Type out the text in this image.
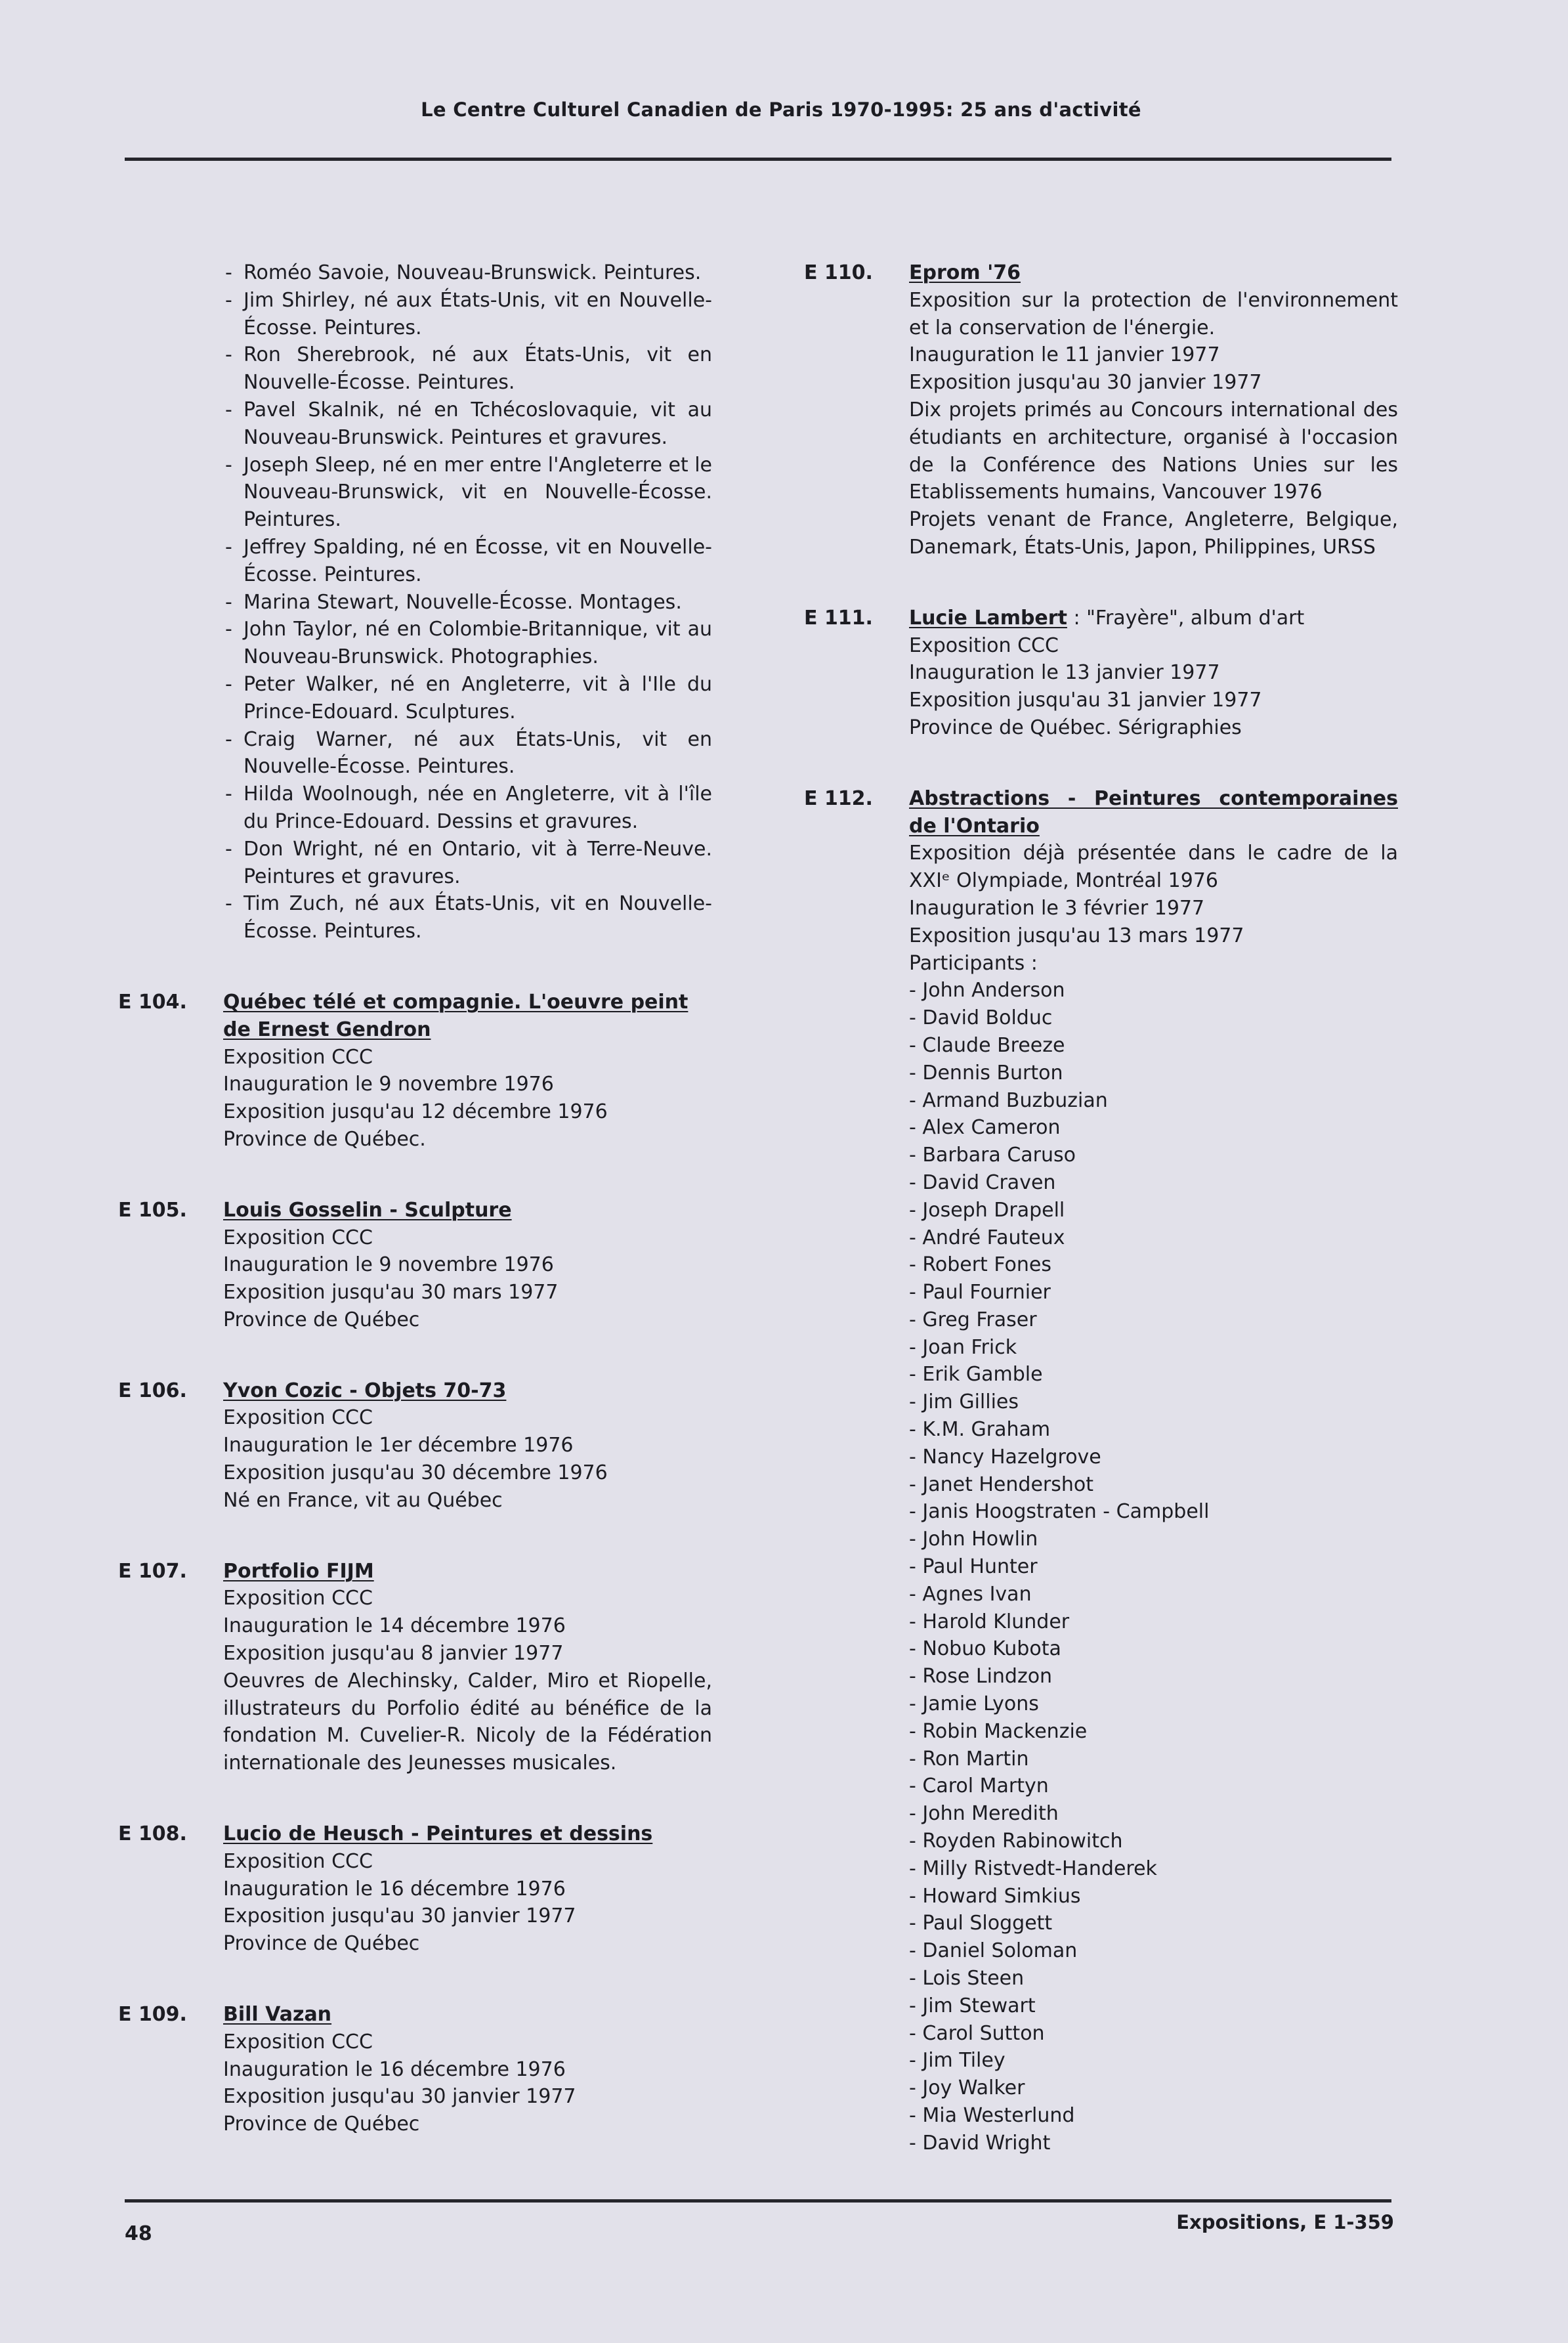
Le Centre Culturel Canadien de Paris 1970-1995: 25 ans d'activité
- Roméo Savoie, Nouveau-Brunswick. Peintures.
- Jim Shirley, né aux États-Unis, vit en Nouvelle-Écosse. Peintures.
- Ron Sherebrook, né aux États-Unis, vit en Nouvelle-Écosse. Peintures.
- Pavel Skalnik, né en Tchécoslovaquie, vit au Nouveau-Brunswick. Peintures et gravures.
- Joseph Sleep, né en mer entre l'Angleterre et le Nouveau-Brunswick, vit en Nouvelle-Écosse. Peintures.
- Jeffrey Spalding, né en Écosse, vit en Nouvelle-Écosse. Peintures.
- Marina Stewart, Nouvelle-Écosse. Montages.
- John Taylor, né en Colombie-Britannique, vit au Nouveau-Brunswick. Photographies.
- Peter Walker, né en Angleterre, vit à l'Ile du Prince-Edouard. Sculptures.
- Craig Warner, né aux États-Unis, vit en Nouvelle-Écosse. Peintures.
- Hilda Woolnough, née en Angleterre, vit à l'île du Prince-Edouard. Dessins et gravures.
- Don Wright, né en Ontario, vit à Terre-Neuve. Peintures et gravures.
- Tim Zuch, né aux États-Unis, vit en Nouvelle-Écosse. Peintures.
E 104.	Québec télé et compagnie. L'oeuvre peint de Ernest Gendron
Exposition CCC
Inauguration le 9 novembre 1976
Exposition jusqu'au 12 décembre 1976
Province de Québec.
E 105.	Louis Gosselin - Sculpture
Exposition CCC
Inauguration le 9 novembre 1976
Exposition jusqu'au 30 mars 1977
Province de Québec
E 106.	Yvon Cozic - Objets 70-73
Exposition CCC
Inauguration le 1er décembre 1976
Exposition jusqu'au 30 décembre 1976
Né en France, vit au Québec
E 107.	Portfolio FIJM
Exposition CCC
Inauguration le 14 décembre 1976
Exposition jusqu'au 8 janvier 1977
Oeuvres de Alechinsky, Calder, Miro et Riopelle, illustrateurs du Porfolio édité au bénéfice de la fondation M. Cuvelier-R. Nicoly de la Fédération internationale des Jeunesses musicales.
E 108.	Lucio de Heusch - Peintures et dessins
Exposition CCC
Inauguration le 16 décembre 1976
Exposition jusqu'au 30 janvier 1977
Province de Québec
E 109.	Bill Vazan
Exposition CCC
Inauguration le 16 décembre 1976
Exposition jusqu'au 30 janvier 1977
Province de Québec
E 110.	Eprom '76
Exposition sur la protection de l'environnement et la conservation de l'énergie.
Inauguration le 11 janvier 1977
Exposition jusqu'au 30 janvier 1977
Dix projets primés au Concours international des étudiants en architecture, organisé à l'occasion de la Conférence des Nations Unies sur les Etablissements humains, Vancouver 1976
Projets venant de France, Angleterre, Belgique, Danemark, États-Unis, Japon, Philippines, URSS
E 111.	Lucie Lambert : "Frayère", album d'art
Exposition CCC
Inauguration le 13 janvier 1977
Exposition jusqu'au 31 janvier 1977
Province de Québec. Sérigraphies
E 112.	Abstractions - Peintures contemporaines de l'Ontario
Exposition déjà présentée dans le cadre de la XXIᵉ Olympiade, Montréal 1976
Inauguration le 3 février 1977
Exposition jusqu'au 13 mars 1977
Participants :
- John Anderson
- David Bolduc
- Claude Breeze
- Dennis Burton
- Armand Buzbuzian
- Alex Cameron
- Barbara Caruso
- David Craven
- Joseph Drapell
- André Fauteux
- Robert Fones
- Paul Fournier
- Greg Fraser
- Joan Frick
- Erik Gamble
- Jim Gillies
- K.M. Graham
- Nancy Hazelgrove
- Janet Hendershot
- Janis Hoogstraten - Campbell
- John Howlin
- Paul Hunter
- Agnes Ivan
- Harold Klunder
- Nobuo Kubota
- Rose Lindzon
- Jamie Lyons
- Robin Mackenzie
- Ron Martin
- Carol Martyn
- John Meredith
- Royden Rabinowitch
- Milly Ristvedt-Handerek
- Howard Simkius
- Paul Sloggett
- Daniel Soloman
- Lois Steen
- Jim Stewart
- Carol Sutton
- Jim Tiley
- Joy Walker
- Mia Westerlund
- David Wright
48	Expositions, E 1-359
